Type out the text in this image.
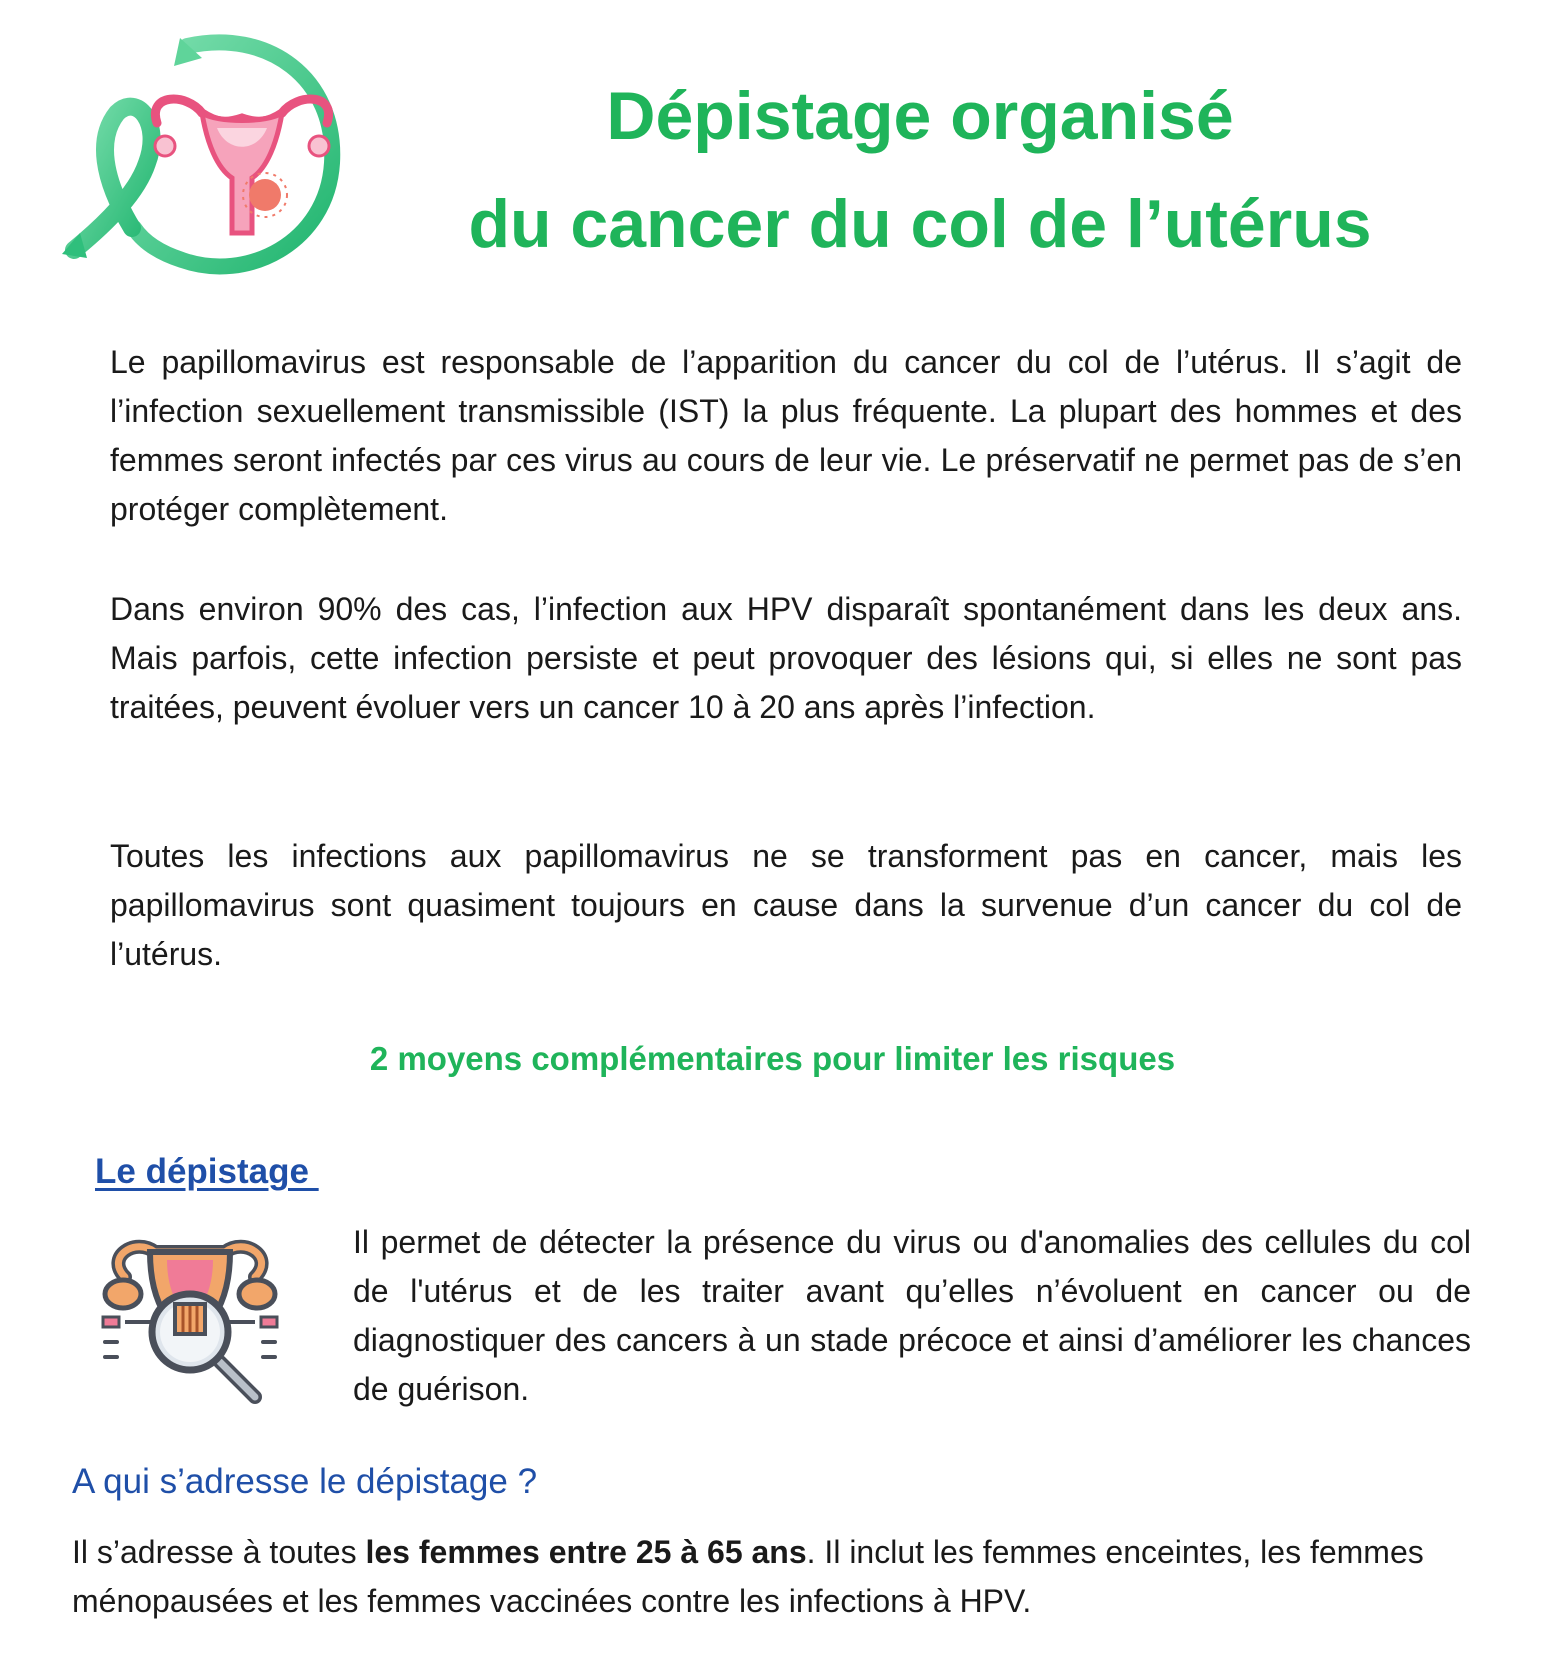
Dépistage organisé
du cancer du col de l’utérus

Le papillomavirus est responsable de l’apparition du cancer du col de l’utérus. Il s’agit de l’infection sexuellement transmissible (IST) la plus fréquente. La plupart des hommes et des femmes seront infectés par ces virus au cours de leur vie. Le préservatif ne permet pas de s’en protéger complètement.

Dans environ 90% des cas, l’infection aux HPV disparaît spontanément dans les deux ans. Mais parfois, cette infection persiste et peut provoquer des lésions qui, si elles ne sont pas traitées, peuvent évoluer vers un cancer 10 à 20 ans après l’infection.

Toutes les infections aux papillomavirus ne se transforment pas en cancer, mais les papillomavirus sont quasiment toujours en cause dans la survenue d’un cancer du col de l’utérus.

2 moyens complémentaires pour limiter les risques
Le dépistage

Il permet de détecter la présence du virus ou d'anomalies des cellules du col de l'utérus et de les traiter avant qu’elles n’évoluent en cancer ou de diagnostiquer des cancers à un stade précoce et ainsi d’améliorer les chances de guérison.

A qui s’adresse le dépistage ?

Il s’adresse à toutes les femmes entre 25 à 65 ans. Il inclut les femmes enceintes, les femmes ménopausées et les femmes vaccinées contre les infections à HPV.
